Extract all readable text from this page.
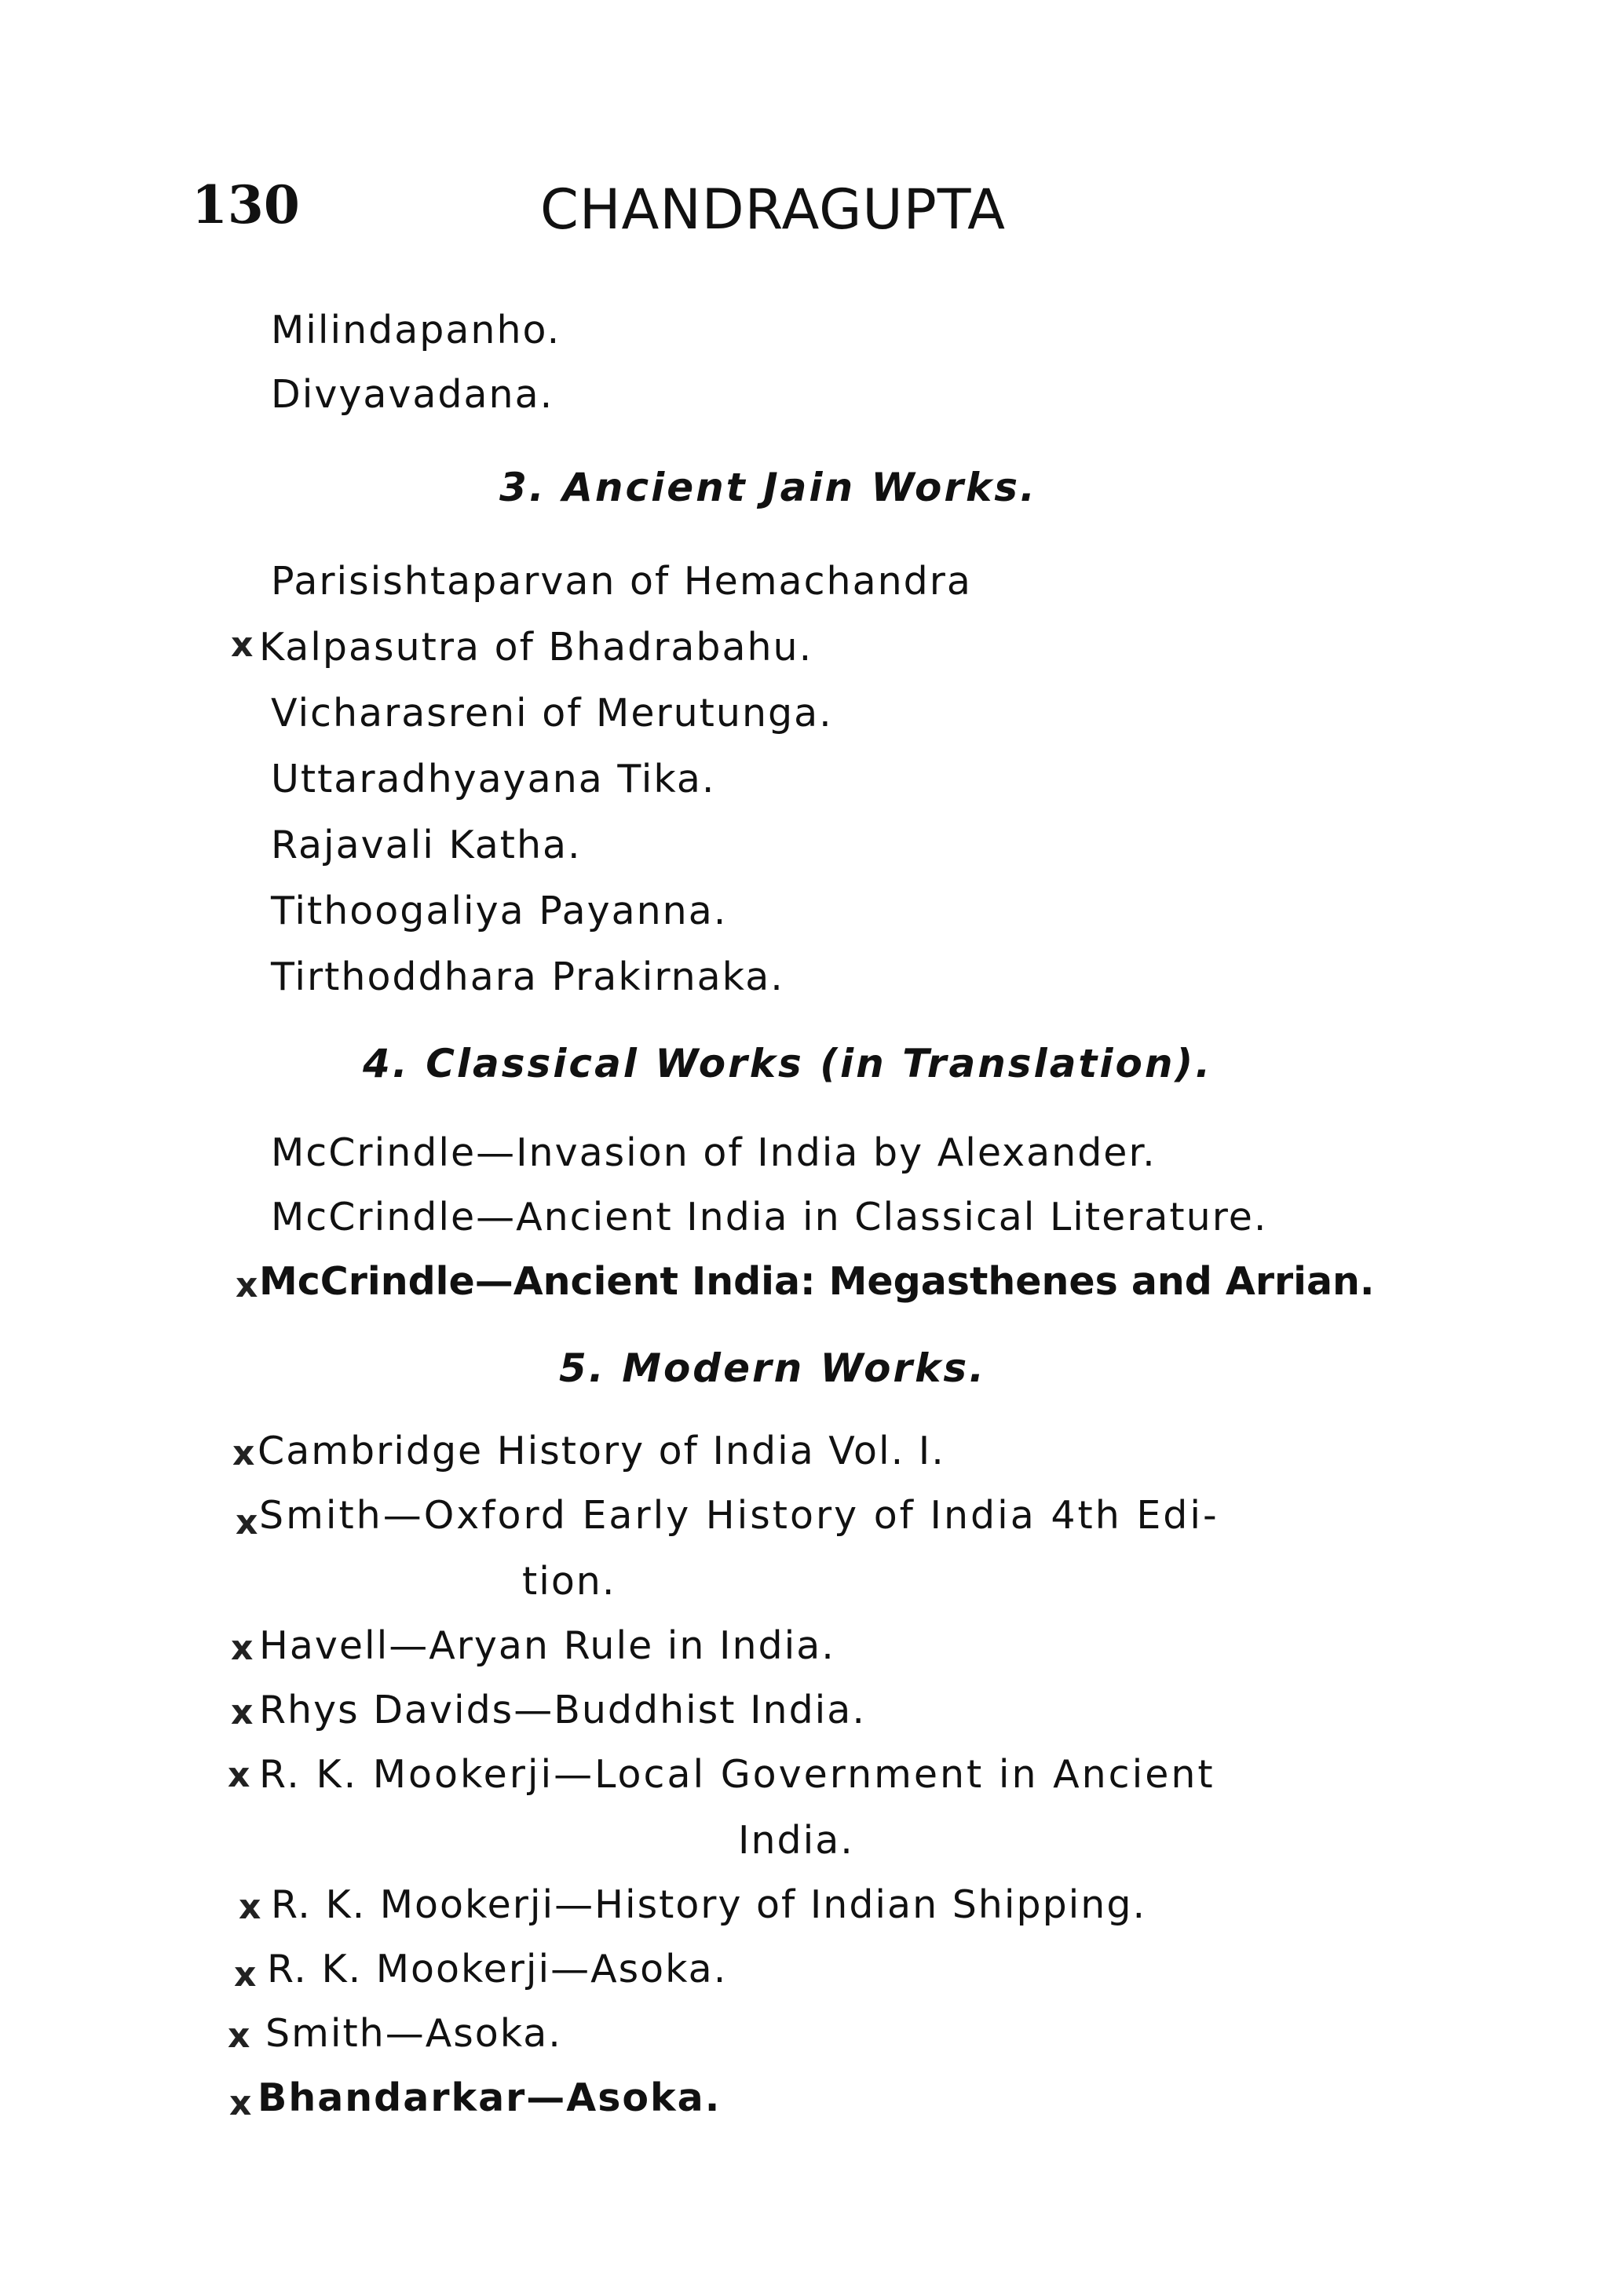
130	CHANDRAGUPTA
Milindapanho.
Divyavadana.
3. Ancient Jain Works.
Parisishtaparvan of Hemachandra
x Kalpasutra of Bhadrabahu.
Vicharasreni of Merutunga.
Uttaradhyayana Tika.
Rajavali Katha.
Tithoogaliya Payanna.
Tirthoddhara Prakirnaka.
4. Classical Works (in Translation).
McCrindle—Invasion of India by Alexander.
McCrindle—Ancient India in Classical Literature.
x McCrindle—Ancient India: Megasthenes and Arrian.
5. Modern Works.
x Cambridge History of India Vol. I.
x Smith—Oxford Early History of India 4th Edi-
tion.
x Havell—Aryan Rule in India.
x Rhys Davids—Buddhist India.
x R. K. Mookerji—Local Government in Ancient
India.
x R. K. Mookerji—History of Indian Shipping.
x R. K. Mookerji—Asoka.
x Smith—Asoka.
x Bhandarkar—Asoka.
